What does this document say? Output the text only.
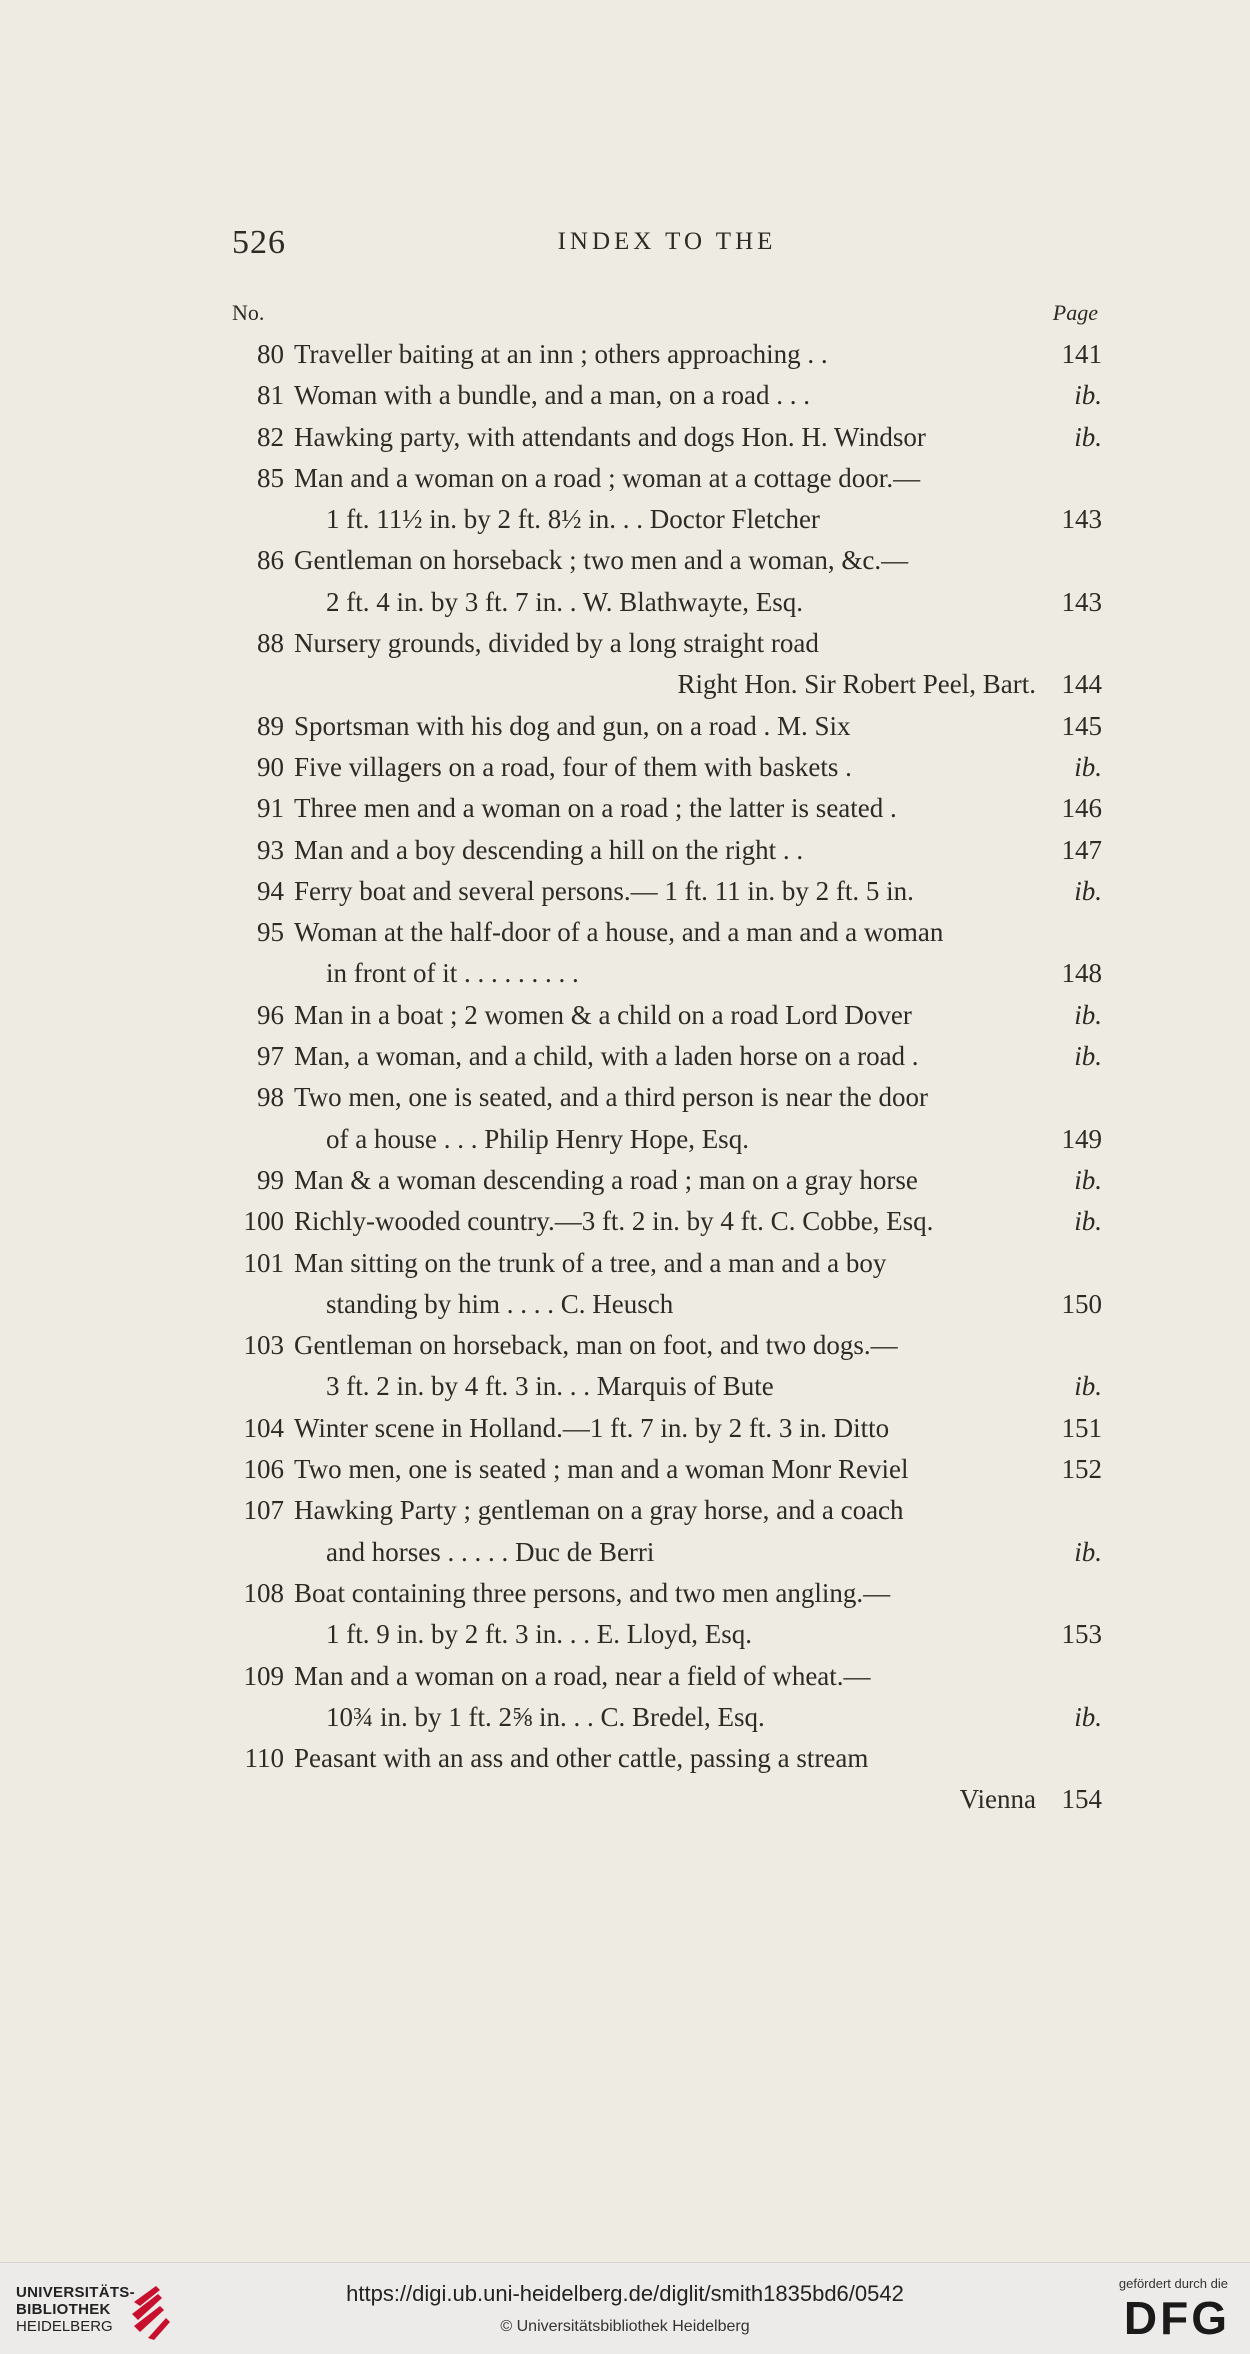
526	INDEX TO THE
No.	Page
80 Traveller baiting at an inn ; others approaching . .	141
81 Woman with a bundle, and a man, on a road . . .	ib.
82 Hawking party, with attendants and dogs Hon. H. Windsor	ib.
85 Man and a woman on a road ; woman at a cottage door.—
1 ft. 11½ in. by 2 ft. 8½ in. . . Doctor Fletcher	143
86 Gentleman on horseback ; two men and a woman, &c.—
2 ft. 4 in. by 3 ft. 7 in. . W. Blathwayte, Esq.	143
88 Nursery grounds, divided by a long straight road
Right Hon. Sir Robert Peel, Bart. 144
89 Sportsman with his dog and gun, on a road . M. Six	145
90 Five villagers on a road, four of them with baskets .	ib.
91 Three men and a woman on a road ; the latter is seated .	146
93 Man and a boy descending a hill on the right . .	147
94 Ferry boat and several persons.— 1 ft. 11 in. by 2 ft. 5 in.	ib.
95 Woman at the half-door of a house, and a man and a woman
in front of it . . . . . . . . .	148
96 Man in a boat ; 2 women & a child on a road Lord Dover	ib.
97 Man, a woman, and a child, with a laden horse on a road .	ib.
98 Two men, one is seated, and a third person is near the door
of a house . . . Philip Henry Hope, Esq.	149
99 Man & a woman descending a road ; man on a gray horse	ib.
100 Richly-wooded country.—3 ft. 2 in. by 4 ft. C. Cobbe, Esq.	ib.
101 Man sitting on the trunk of a tree, and a man and a boy
standing by him . . . . C. Heusch	150
103 Gentleman on horseback, man on foot, and two dogs.—
3 ft. 2 in. by 4 ft. 3 in. . . Marquis of Bute	ib.
104 Winter scene in Holland.—1 ft. 7 in. by 2 ft. 3 in. Ditto	151
106 Two men, one is seated ; man and a woman Monr Reviel	152
107 Hawking Party ; gentleman on a gray horse, and a coach
and horses . . . . . Duc de Berri	ib.
108 Boat containing three persons, and two men angling.—
1 ft. 9 in. by 2 ft. 3 in. . . E. Lloyd, Esq.	153
109 Man and a woman on a road, near a field of wheat.—
10¾ in. by 1 ft. 2⅝ in. . . C. Bredel, Esq.	ib.
110 Peasant with an ass and other cattle, passing a stream
Vienna 154
UNIVERSITÄTS-
BIBLIOTHEK
HEIDELBERG
https://digi.ub.uni-heidelberg.de/diglit/smith1835bd6/0542
© Universitätsbibliothek Heidelberg
gefördert durch die
DFG
